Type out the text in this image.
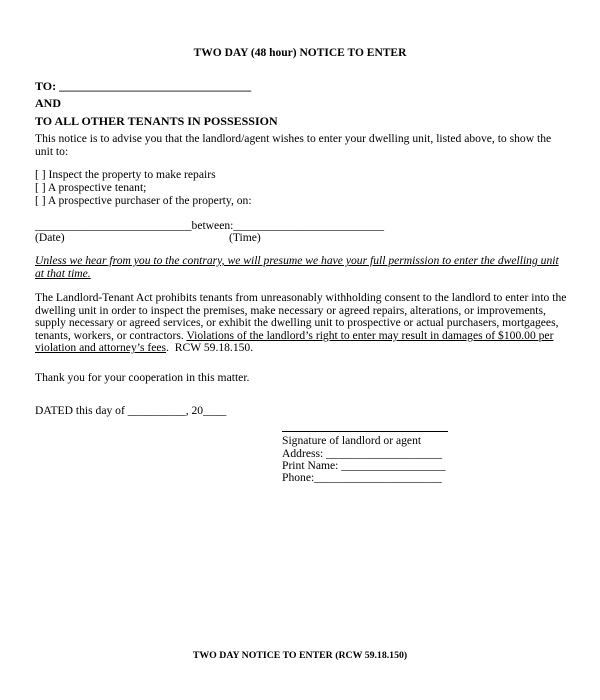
TWO DAY (48 hour) NOTICE TO ENTER
TO: ________________________________
AND
TO ALL OTHER TENANTS IN POSSESSION
This notice is to advise you that the landlord/agent wishes to enter your dwelling unit, listed above, to show the unit to:
[ ] Inspect the property to make repairs
[ ] A prospective tenant;
[ ] A prospective purchaser of the property, on:
___________________________between:__________________________
(Date)	(Time)
Unless we hear from you to the contrary, we will presume we have your full permission to enter the dwelling unit at that time.
The Landlord-Tenant Act prohibits tenants from unreasonably withholding consent to the landlord to enter into the dwelling unit in order to inspect the premises, make necessary or agreed repairs, alterations, or improvements, supply necessary or agreed services, or exhibit the dwelling unit to prospective or actual purchasers, mortgagees, tenants, workers, or contractors. Violations of the landlord’s right to enter may result in damages of $100.00 per violation and attorney’s fees.  RCW 59.18.150.
Thank you for your cooperation in this matter.
DATED this day of __________, 20____
Signature of landlord or agent
Address: ____________________
Print Name: __________________
Phone:______________________
TWO DAY NOTICE TO ENTER (RCW 59.18.150)
